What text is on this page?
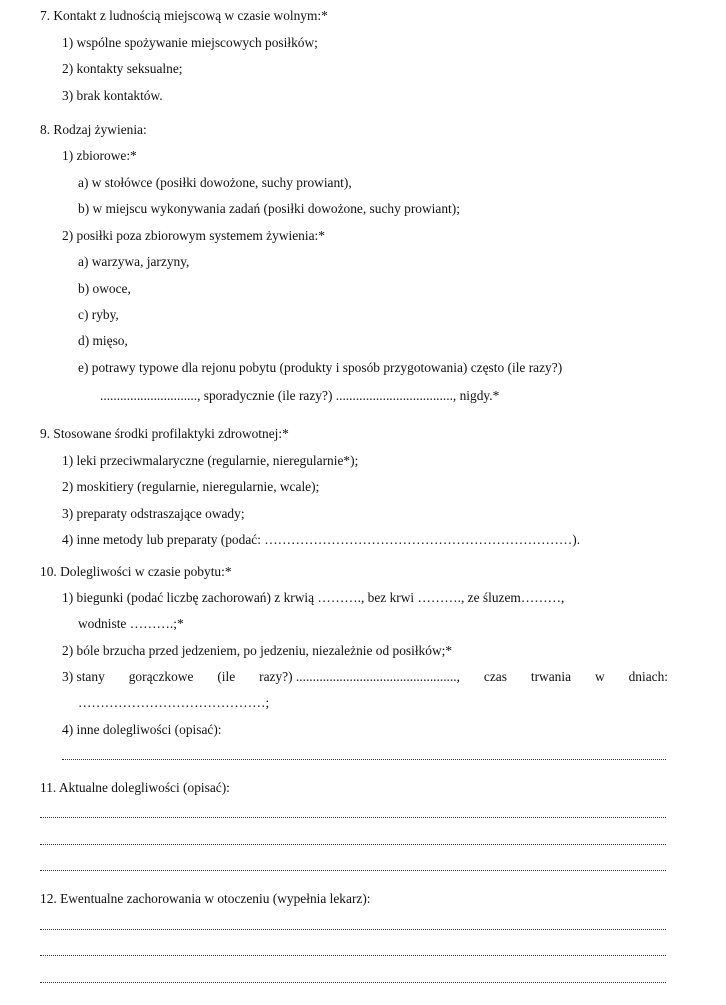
7. Kontakt z ludnością miejscową w czasie wolnym:*
1) wspólne spożywanie miejscowych posiłków;
2) kontakty seksualne;
3) brak kontaktów.
8. Rodzaj żywienia:
1) zbiorowe:*
a) w stołówce (posiłki dowożone, suchy prowiant),
b) w miejscu wykonywania zadań (posiłki dowożone, suchy prowiant);
2) posiłki poza zbiorowym systemem żywienia:*
a) warzywa, jarzyny,
b) owoce,
c) ryby,
d) mięso,
e) potrawy typowe dla rejonu pobytu (produkty i sposób przygotowania) często (ile razy?)
............................., sporadycznie (ile razy?) ..................................., nigdy.*
9. Stosowane środki profilaktyki zdrowotnej:*
1) leki przeciwmalaryczne (regularnie, nieregularnie*);
2) moskitiery (regularnie, nieregularnie, wcale);
3) preparaty odstraszające owady;
4) inne metody lub preparaty (podać: ……………………………………………………………).
10. Dolegliwości w czasie pobytu:*
1) biegunki (podać liczbę zachorowań) z krwią ………., bez krwi ………., ze śluzem………,
wodniste ……….;*
2) bóle brzucha przed jedzeniem, po jedzeniu, niezależnie od posiłków;*
3) stany gorączkowe (ile razy?) ................................................, czas trwania w dniach:
……………………………………;
4) inne dolegliwości (opisać):
11. Aktualne dolegliwości (opisać):
12. Ewentualne zachorowania w otoczeniu (wypełnia lekarz):
